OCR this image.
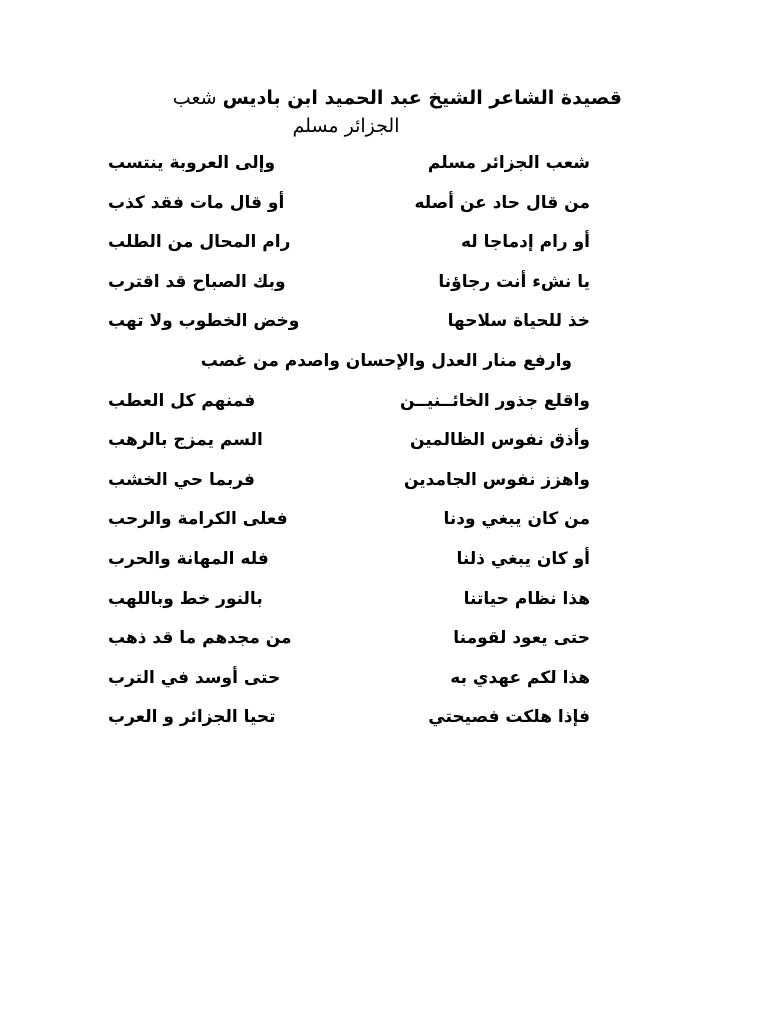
قصيدة الشاعر الشيخ عبد الحميد ابن باديس شعب
الجزائر مسلم
شعب الجزائر مسلم
وإلى العروبة ينتسب
من قال حاد عن أصله
أو قال مات فقد كذب
أو رام إدماجا له
رام المحال من الطلب
يا نشء أنت رجاؤنا
وبك الصباح قد اقترب
خذ للحياة سلاحها
وخض الخطوب ولا تهب
وارفع منار العدل والإحسان واصدم من غصب
واقلع جذور الخائــنيــن
فمنهم كل العطب
وأذق نفوس الظالمين
السم يمزج بالرهب
واهزز نفوس الجامدين
فربما حي الخشب
من كان يبغي ودنا
فعلى الكرامة والرحب
أو كان يبغي ذلنا
فله المهانة والحرب
هذا نظام حياتنا
بالنور خط وباللهب
حتى يعود لقومنا
من مجدهم ما قد ذهب
هذا لكم عهدي به
حتى أوسد في الترب
فإذا هلكت فصيحتي
تحيا الجزائر و العرب
